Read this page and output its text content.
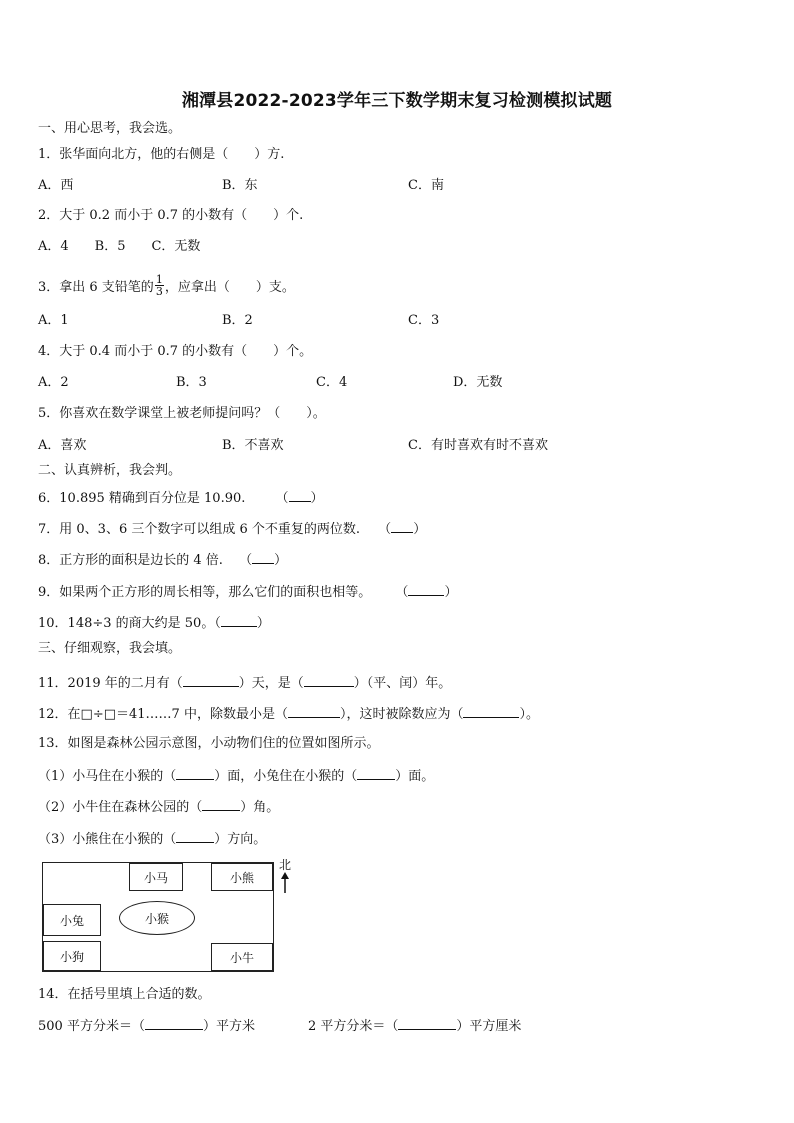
湘潭县2022-2023学年三下数学期末复习检测模拟试题
一、用心思考，我会选。
1．张华面向北方，他的右侧是（　　）方.
A．西	B．东	C．南
2．大于 0.2 而小于 0.7 的小数有（　　）个.
A．4　　B．5　　C．无数
3．拿出 6 支铅笔的 $\frac{1}{3}$ ，应拿出（　　）支。
A．1	B．2	C．3
4．大于 0.4 而小于 0.7 的小数有（　　）个。
A．2	B．3	C．4	D．无数
5．你喜欢在数学课堂上被老师提问吗？（　　）。
A．喜欢	B．不喜欢	C．有时喜欢有时不喜欢
二、认真辨析，我会判。
6．10.895 精确到百分位是 10.90. （ ）
7．用 0、3、6 三个数字可以组成 6 个不重复的两位数. （ ）
8．正方形的面积是边长的 4 倍. （ ）
9．如果两个正方形的周长相等，那么它们的面积也相等。 （	）
10．148÷3 的商大约是 50。（	）
三、仔细观察，我会填。
11．2019 年的二月有（	）天，是（	）（平、闰）年。
12．在□÷□＝41……7 中，除数最小是（	），这时被除数应为（	）。
13．如图是森林公园示意图，小动物们住的位置如图所示。
（1）小马住在小猴的（	）面，小兔住在小猴的（	）面。
（2）小牛住在森林公园的（	）角。
（3）小熊住在小猴的（	）方向。
小马	小熊
小兔	小猴
小狗	小牛
北
14．在括号里填上合适的数。
500 平方分米＝（	）平方米	2 平方分米＝（	）平方厘米
